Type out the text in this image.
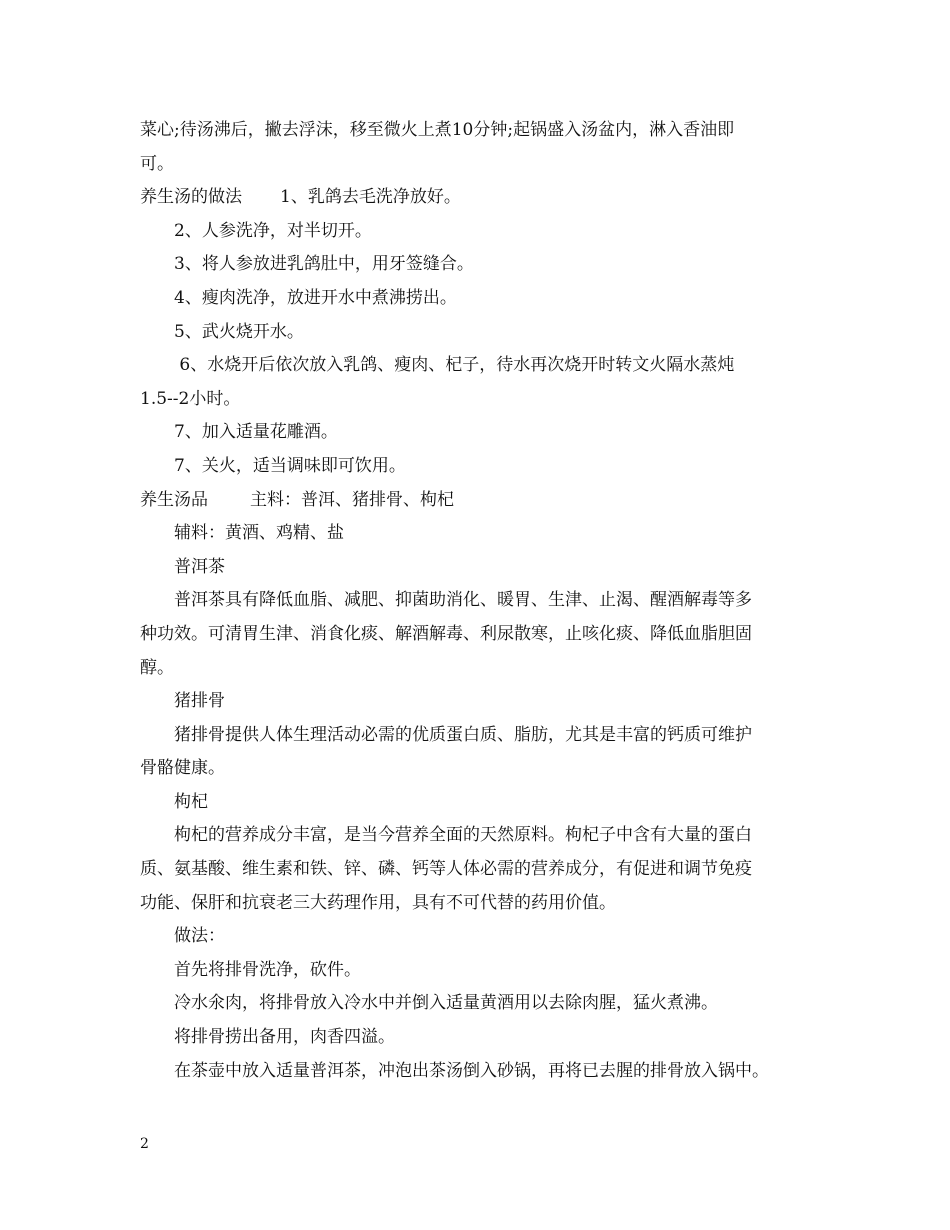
菜心;待汤沸后，撇去浮沫，移至微火上煮10分钟;起锅盛入汤盆内，淋入香油即
可。
养生汤的做法 1、乳鸽去毛洗净放好。
2、人参洗净，对半切开。
3、将人参放进乳鸽肚中，用牙签缝合。
4、瘦肉洗净，放进开水中煮沸捞出。
5、武火烧开水。
6、水烧开后依次放入乳鸽、瘦肉、杞子，待水再次烧开时转文火隔水蒸炖
1.5--2小时。
7、加入适量花雕酒。
7、关火，适当调味即可饮用。
养生汤品 主料：普洱、猪排骨、枸杞
辅料：黄酒、鸡精、盐
普洱茶
普洱茶具有降低血脂、减肥、抑菌助消化、暖胃、生津、止渴、醒酒解毒等多
种功效。可清胃生津、消食化痰、解酒解毒、利尿散寒，止咳化痰、降低血脂胆固
醇。
猪排骨
猪排骨提供人体生理活动必需的优质蛋白质、脂肪，尤其是丰富的钙质可维护
骨骼健康。
枸杞
枸杞的营养成分丰富，是当今营养全面的天然原料。枸杞子中含有大量的蛋白
质、氨基酸、维生素和铁、锌、磷、钙等人体必需的营养成分，有促进和调节免疫
功能、保肝和抗衰老三大药理作用，具有不可代替的药用价值。
做法：
首先将排骨洗净，砍件。
冷水氽肉，将排骨放入冷水中并倒入适量黄酒用以去除肉腥，猛火煮沸。
将排骨捞出备用，肉香四溢。
在茶壶中放入适量普洱茶，冲泡出茶汤倒入砂锅，再将已去腥的排骨放入锅中。
2
